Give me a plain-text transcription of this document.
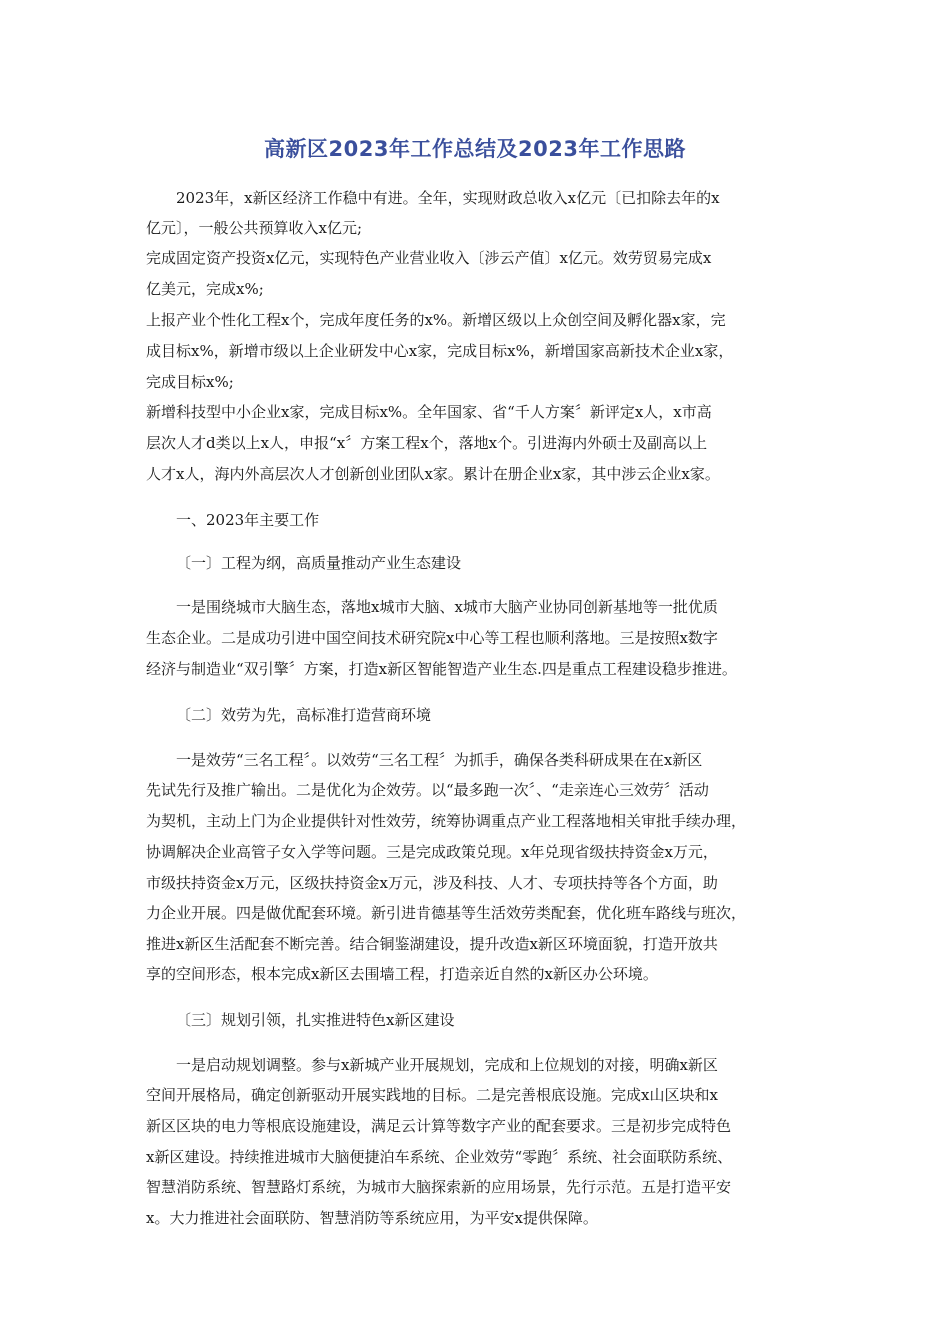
高新区2023年工作总结及2023年工作思路

2023年，x新区经济工作稳中有进。全年，实现财政总收入x亿元〔已扣除去年的x

亿元〕，一般公共预算收入x亿元;

完成固定资产投资x亿元，实现特色产业营业收入〔涉云产值〕x亿元。效劳贸易完成x

亿美元，完成x%;

上报产业个性化工程x个，完成年度任务的x%。新增区级以上众创空间及孵化器x家，完

成目标x%，新增市级以上企业研发中心x家，完成目标x%，新增国家高新技术企业x家，

完成目标x%;

新增科技型中小企业x家，完成目标x%。全年国家、省“千人方案〞新评定x人，x市高

层次人才d类以上x人，申报“x〞方案工程x个，落地x个。引进海内外硕士及副高以上

人才x人，海内外高层次人才创新创业团队x家。累计在册企业x家，其中涉云企业x家。

一、2023年主要工作

〔一〕工程为纲，高质量推动产业生态建设

一是围绕城市大脑生态，落地x城市大脑、x城市大脑产业协同创新基地等一批优质

生态企业。二是成功引进中国空间技术研究院x中心等工程也顺利落地。三是按照x数字

经济与制造业“双引擎〞方案，打造x新区智能智造产业生态.四是重点工程建设稳步推进。

〔二〕效劳为先，高标准打造营商环境

一是效劳“三名工程〞。以效劳“三名工程〞为抓手，确保各类科研成果在在x新区

先试先行及推广输出。二是优化为企效劳。以“最多跑一次〞、“走亲连心三效劳〞活动

为契机，主动上门为企业提供针对性效劳，统筹协调重点产业工程落地相关审批手续办理，

协调解决企业高管子女入学等问题。三是完成政策兑现。x年兑现省级扶持资金x万元，

市级扶持资金x万元，区级扶持资金x万元，涉及科技、人才、专项扶持等各个方面，助

力企业开展。四是做优配套环境。新引进肯德基等生活效劳类配套，优化班车路线与班次，

推进x新区生活配套不断完善。结合铜鉴湖建设，提升改造x新区环境面貌，打造开放共

享的空间形态，根本完成x新区去围墙工程，打造亲近自然的x新区办公环境。

〔三〕规划引领，扎实推进特色x新区建设

一是启动规划调整。参与x新城产业开展规划，完成和上位规划的对接，明确x新区

空间开展格局，确定创新驱动开展实践地的目标。二是完善根底设施。完成x山区块和x

新区区块的电力等根底设施建设，满足云计算等数字产业的配套要求。三是初步完成特色

x新区建设。持续推进城市大脑便捷泊车系统、企业效劳“零跑〞系统、社会面联防系统、

智慧消防系统、智慧路灯系统，为城市大脑探索新的应用场景，先行示范。五是打造平安

x。大力推进社会面联防、智慧消防等系统应用，为平安x提供保障。
